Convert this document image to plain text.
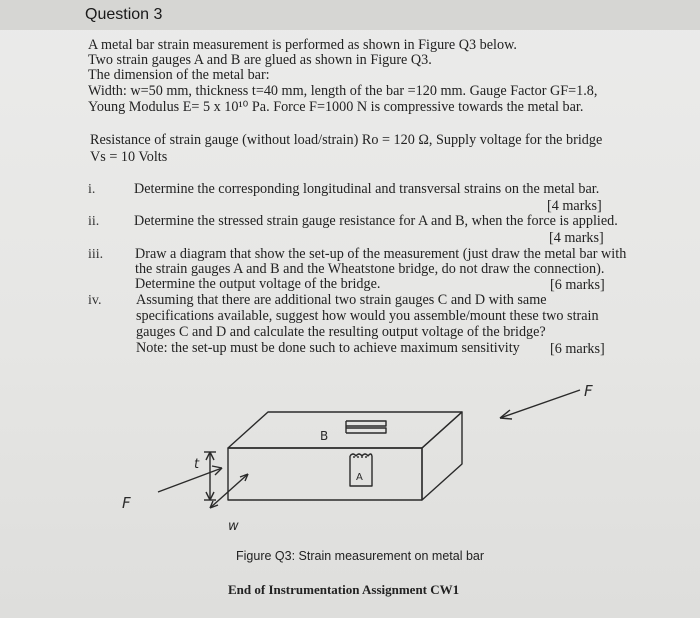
Question 3
A metal bar strain measurement is performed as shown in Figure Q3 below.
Two strain gauges A and B are glued as shown in Figure Q3.
The dimension of the metal bar:
Width: w=50 mm, thickness t=40 mm, length of the bar =120 mm. Gauge Factor GF=1.8,
Young Modulus E= 5 x 10¹⁰ Pa. Force F=1000 N is compressive towards the metal bar.
Resistance of strain gauge (without load/strain) Ro = 120 Ω, Supply voltage for the bridge
Vs = 10 Volts
i.	Determine the corresponding longitudinal and transversal strains on the metal bar.
[4 marks]
ii. Determine the stressed strain gauge resistance for A and B, when the force is applied.
[4 marks]
iii. Draw a diagram that show the set-up of the measurement (just draw the metal bar with
the strain gauges A and B and the Wheatstone bridge, do not draw the connection).
Determine the output voltage of the bridge.	[6 marks]
iv. Assuming that there are additional two strain gauges C and D with same
specifications available, suggest how would you assemble/mount these two strain
gauges C and D and calculate the resulting output voltage of the bridge?
Note: the set-up must be done such to achieve maximum sensitivity [6 marks]
F
F
t
w
B
A
Figure Q3: Strain measurement on metal bar
End of Instrumentation Assignment CW1
